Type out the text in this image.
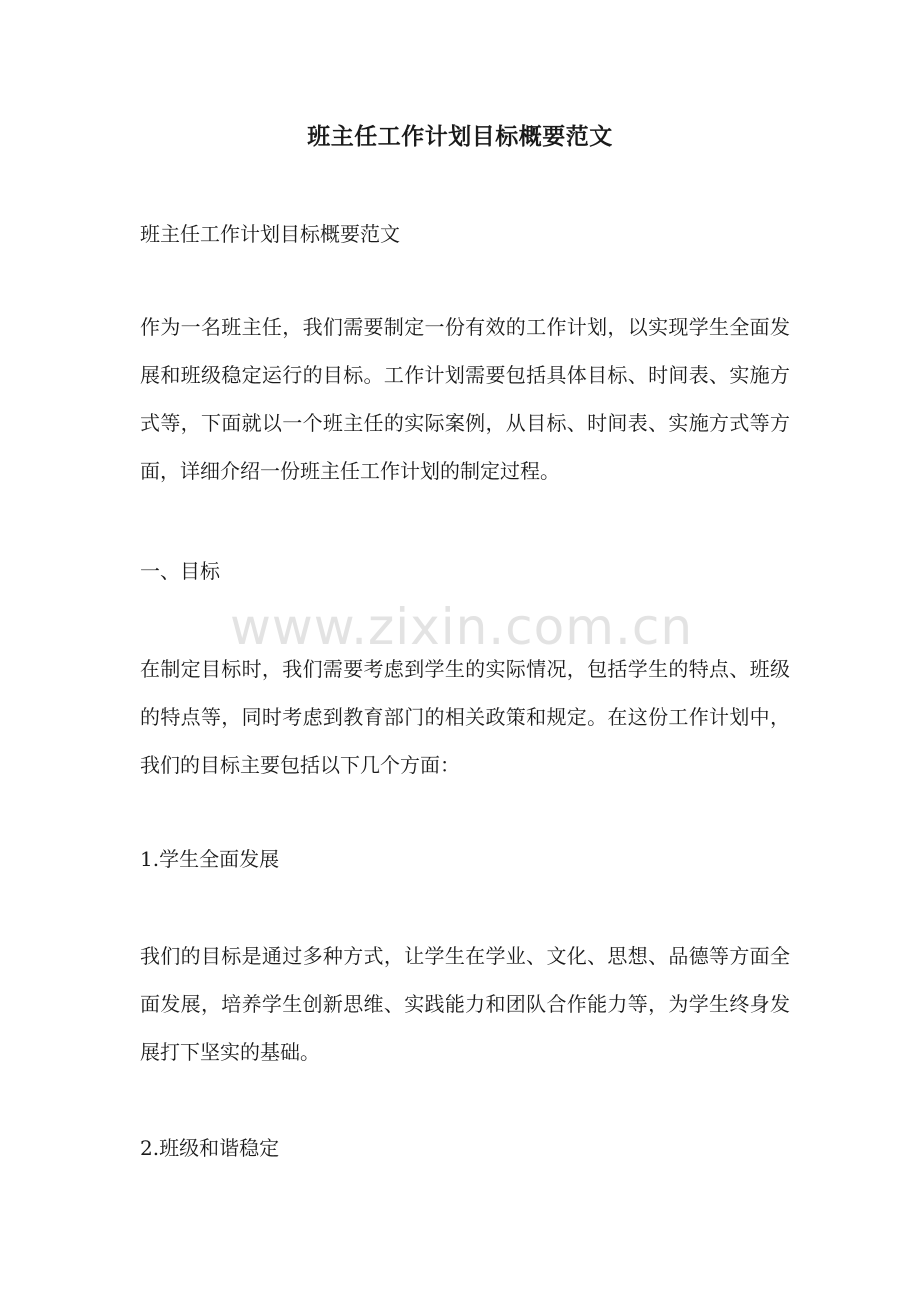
班主任工作计划目标概要范文

班主任工作计划目标概要范文

作为一名班主任，我们需要制定一份有效的工作计划，以实现学生全面发展和班级稳定运行的目标。工作计划需要包括具体目标、时间表、实施方式等，下面就以一个班主任的实际案例，从目标、时间表、实施方式等方面，详细介绍一份班主任工作计划的制定过程。

一、目标

www.zixin.com.cn

在制定目标时，我们需要考虑到学生的实际情况，包括学生的特点、班级的特点等，同时考虑到教育部门的相关政策和规定。在这份工作计划中，我们的目标主要包括以下几个方面：

1.学生全面发展

我们的目标是通过多种方式，让学生在学业、文化、思想、品德等方面全面发展，培养学生创新思维、实践能力和团队合作能力等，为学生终身发展打下坚实的基础。

2.班级和谐稳定
